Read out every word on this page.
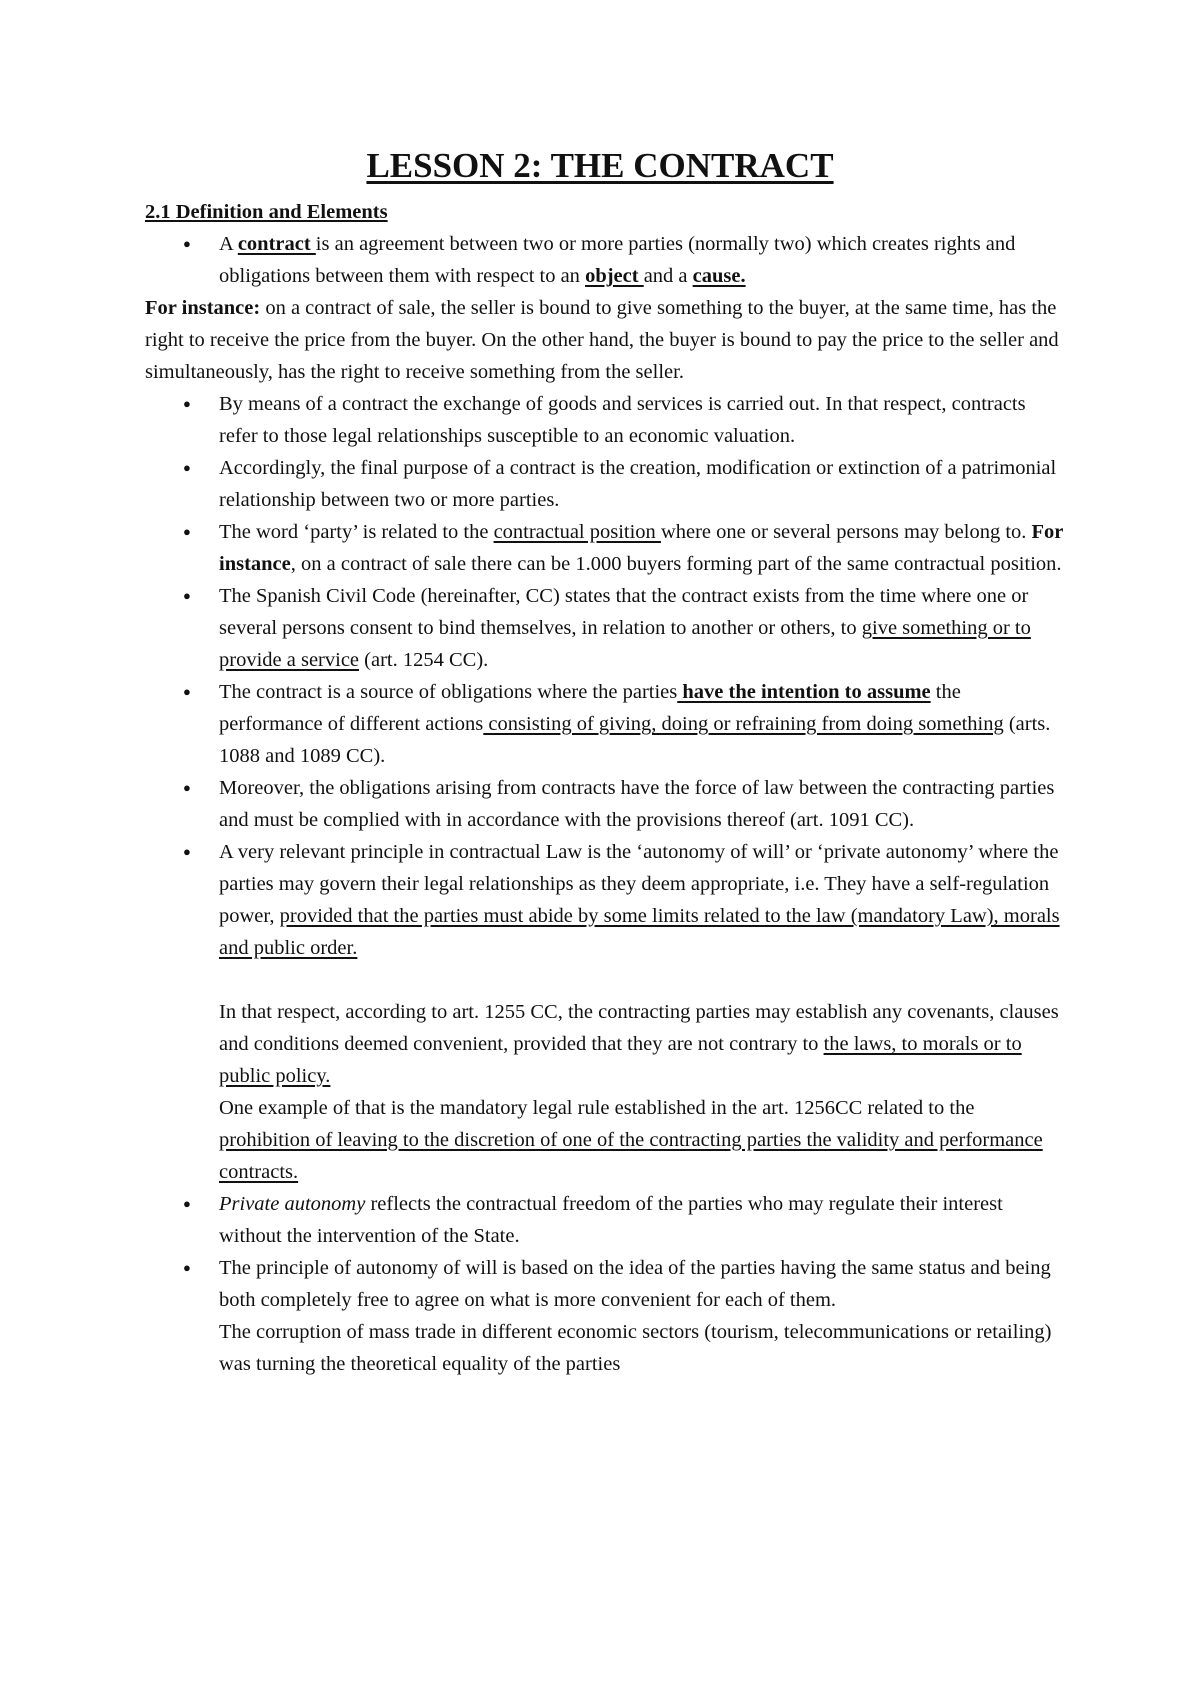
LESSON 2: THE CONTRACT
2.1 Definition and Elements
● A contract is an agreement between two or more parties (normally two) which creates rights and obligations between them with respect to an object and a cause.
For instance: on a contract of sale, the seller is bound to give something to the buyer, at the same time, has the right to receive the price from the buyer. On the other hand, the buyer is bound to pay the price to the seller and simultaneously, has the right to receive something from the seller.
● By means of a contract the exchange of goods and services is carried out. In that respect, contracts refer to those legal relationships susceptible to an economic valuation.
● Accordingly, the final purpose of a contract is the creation, modification or extinction of a patrimonial relationship between two or more parties.
● The word ‘party’ is related to the contractual position where one or several persons may belong to. For instance, on a contract of sale there can be 1.000 buyers forming part of the same contractual position.
● The Spanish Civil Code (hereinafter, CC) states that the contract exists from the time where one or several persons consent to bind themselves, in relation to another or others, to give something or to provide a service (art. 1254 CC).
● The contract is a source of obligations where the parties have the intention to assume the performance of different actions consisting of giving, doing or refraining from doing something (arts. 1088 and 1089 CC).
● Moreover, the obligations arising from contracts have the force of law between the contracting parties and must be complied with in accordance with the provisions thereof (art. 1091 CC).
● A very relevant principle in contractual Law is the ‘autonomy of will’ or ‘private autonomy’ where the parties may govern their legal relationships as they deem appropriate, i.e. They have a self-regulation power, provided that the parties must abide by some limits related to the law (mandatory Law), morals and public order.
In that respect, according to art. 1255 CC, the contracting parties may establish any covenants, clauses and conditions deemed convenient, provided that they are not contrary to the laws, to morals or to public policy.
One example of that is the mandatory legal rule established in the art. 1256CC related to the prohibition of leaving to the discretion of one of the contracting parties the validity and performance contracts.
● Private autonomy reflects the contractual freedom of the parties who may regulate their interest without the intervention of the State.
● The principle of autonomy of will is based on the idea of the parties having the same status and being both completely free to agree on what is more convenient for each of them.
The corruption of mass trade in different economic sectors (tourism, telecommunications or retailing) was turning the theoretical equality of the parties
